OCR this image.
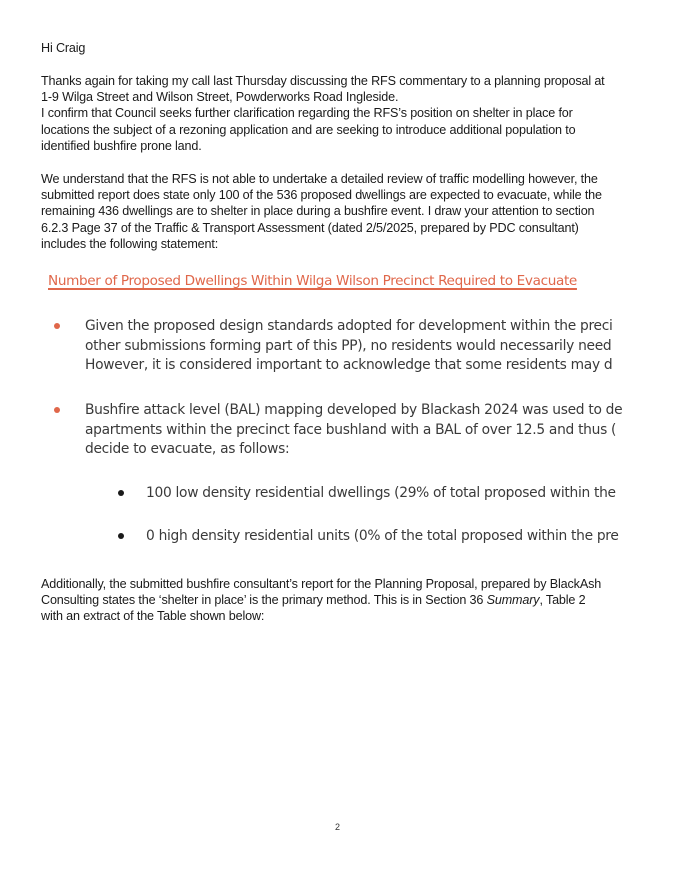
Hi Craig

Thanks again for taking my call last Thursday discussing the RFS commentary to a planning proposal at
1-9 Wilga Street and Wilson Street, Powderworks Road Ingleside.
I confirm that Council seeks further clarification regarding the RFS’s position on shelter in place for
locations the subject of a rezoning application and are seeking to introduce additional population to
identified bushfire prone land.

We understand that the RFS is not able to undertake a detailed review of traffic modelling however, the
submitted report does state only 100 of the 536 proposed dwellings are expected to evacuate, while the
remaining 436 dwellings are to shelter in place during a bushfire event. I draw your attention to section
6.2.3 Page 37 of the Traffic & Transport Assessment (dated 2/5/2025, prepared by PDC consultant)
includes the following statement:

Number of Proposed Dwellings Within Wilga Wilson Precinct Required to Evacuate
Given the proposed design standards adopted for development within the preci
other submissions forming part of this PP), no residents would necessarily need
However, it is considered important to acknowledge that some residents may d
Bushfire attack level (BAL) mapping developed by Blackash 2024 was used to de
apartments within the precinct face bushland with a BAL of over 12.5 and thus (
decide to evacuate, as follows:
100 low density residential dwellings (29% of total proposed within the
0 high density residential units (0% of the total proposed within the pre

Additionally, the submitted bushfire consultant’s report for the Planning Proposal, prepared by BlackAsh
Consulting states the ‘shelter in place’ is the primary method. This is in Section 36 Summary, Table 2
with an extract of the Table shown below:

2
